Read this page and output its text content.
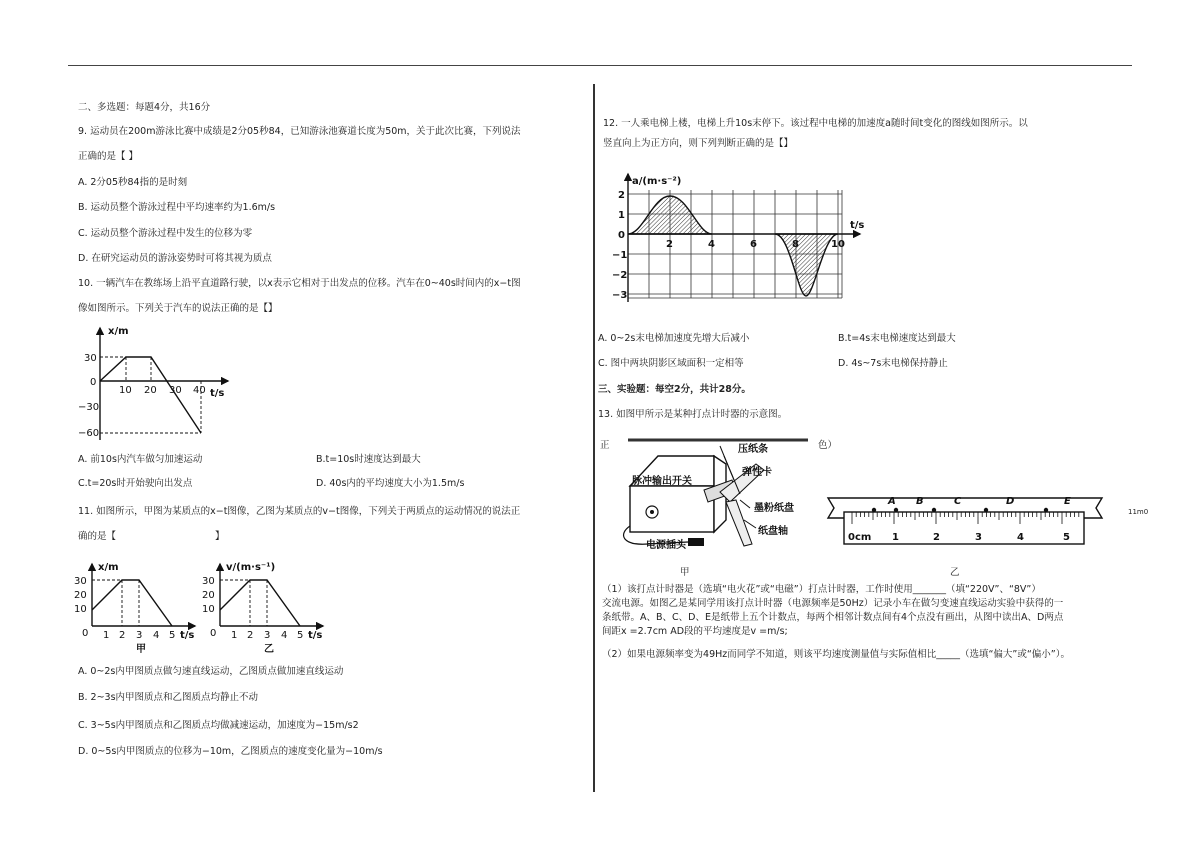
二、多选题：每题4分，共16分
9. 运动员在200m游泳比赛中成绩是2分05秒84，已知游泳池赛道长度为50m，关于此次比赛，下列说法
正确的是【 】
A. 2分05秒84指的是时刻
B. 运动员整个游泳过程中平均速率约为1.6m/s
C. 运动员整个游泳过程中发生的位移为零
D. 在研究运动员的游泳姿势时可将其视为质点
10. 一辆汽车在教练场上沿平直道路行驶，以x表示它相对于出发点的位移。汽车在0~40s时间内的x−t图
像如图所示。下列关于汽车的说法正确的是【】
x/m
t/s
0
30
−30
−60
10 20 30 40
A. 前10s内汽车做匀加速运动	B.t=10s时速度达到最大
C.t=20s时开始驶向出发点	D. 40s内的平均速度大小为1.5m/s
11. 如图所示，甲图为某质点的x−t图像，乙图为某质点的v−t图像，下列关于两质点的运动情况的说法正
确的是【	】
x/m
t/s
0
30
20
10
1 2 3 4 5
甲
v/(m·s⁻¹)
t/s
0
30
20
10
1 2 3 4 5
乙
A. 0~2s内甲图质点做匀速直线运动，乙图质点做加速直线运动
B. 2~3s内甲图质点和乙图质点均静止不动
C. 3~5s内甲图质点和乙图质点均做减速运动，加速度为−15m/s2
D. 0~5s内甲图质点的位移为−10m，乙图质点的速度变化量为−10m/s
12. 一人乘电梯上楼，电梯上升10s末停下。该过程中电梯的加速度a随时间t变化的图线如图所示。以
竖直向上为正方向，则下列判断正确的是【】
a/(m·s⁻²)
t/s
0
2
1
−1
−2
−3
2	4	6	8	10
A. 0~2s末电梯加速度先增大后减小	B.t=4s末电梯速度达到最大
C. 图中两块阴影区域面积一定相等	D. 4s~7s末电梯保持静止
三、实验题：每空2分，共计28分。
13. 如图甲所示是某种打点计时器的示意图。
正	色）
压纸条
弹性卡
脉冲输出开关
墨粉纸盘
纸盘轴
电源插头
A B	C	D	E
0cm 1	2	3	4	5
11m0
甲	乙
（1）该打点计时器是（选填“电火花”或“电磁”）打点计时器，工作时使用_______（填“220V”、“8V”）
交流电源。如图乙是某同学用该打点计时器（电源频率是50Hz）记录小车在做匀变速直线运动实验中获得的一
条纸带。A、B、C、D、E是纸带上五个计数点，每两个相邻计数点间有4个点没有画出，从图中读出A、D两点
间距x =2.7cm AD段的平均速度是v =m/s;
（2）如果电源频率变为49Hz而同学不知道，则该平均速度测量值与实际值相比_____（选填“偏大”或“偏小”）。
